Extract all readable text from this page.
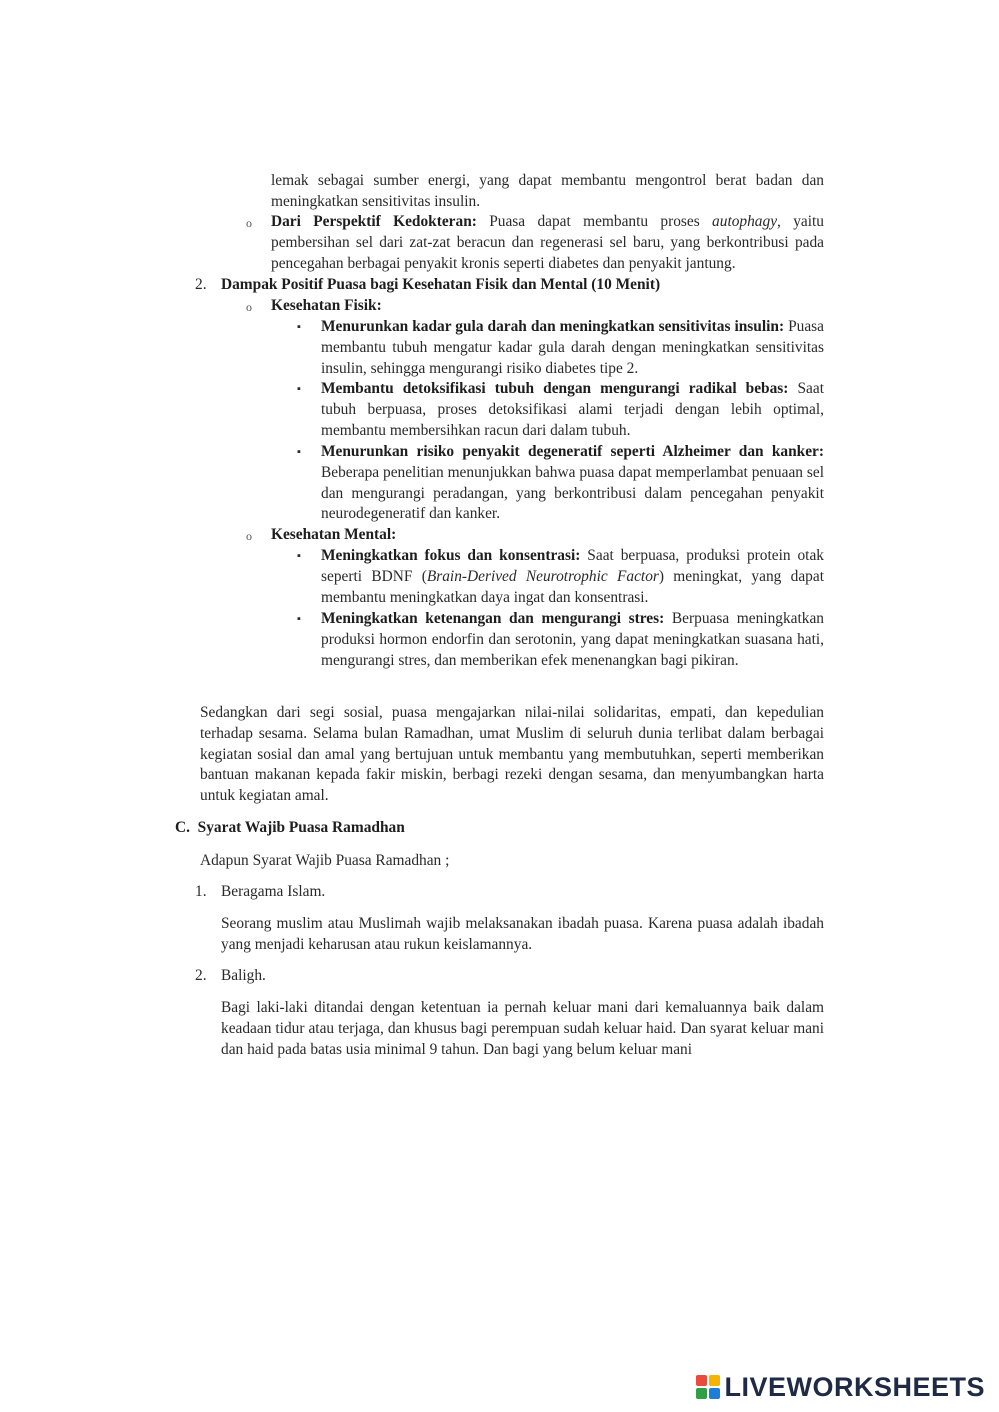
lemak sebagai sumber energi, yang dapat membantu mengontrol berat badan dan meningkatkan sensitivitas insulin.

o Dari Perspektif Kedokteran: Puasa dapat membantu proses autophagy, yaitu pembersihan sel dari zat-zat beracun dan regenerasi sel baru, yang berkontribusi pada pencegahan berbagai penyakit kronis seperti diabetes dan penyakit jantung.

2. Dampak Positif Puasa bagi Kesehatan Fisik dan Mental (10 Menit)

o Kesehatan Fisik:

▪ Menurunkan kadar gula darah dan meningkatkan sensitivitas insulin: Puasa membantu tubuh mengatur kadar gula darah dengan meningkatkan sensitivitas insulin, sehingga mengurangi risiko diabetes tipe 2.

▪ Membantu detoksifikasi tubuh dengan mengurangi radikal bebas: Saat tubuh berpuasa, proses detoksifikasi alami terjadi dengan lebih optimal, membantu membersihkan racun dari dalam tubuh.

▪ Menurunkan risiko penyakit degeneratif seperti Alzheimer dan kanker: Beberapa penelitian menunjukkan bahwa puasa dapat memperlambat penuaan sel dan mengurangi peradangan, yang berkontribusi dalam pencegahan penyakit neurodegeneratif dan kanker.

o Kesehatan Mental:

▪ Meningkatkan fokus dan konsentrasi: Saat berpuasa, produksi protein otak seperti BDNF (Brain-Derived Neurotrophic Factor) meningkat, yang dapat membantu meningkatkan daya ingat dan konsentrasi.

▪ Meningkatkan ketenangan dan mengurangi stres: Berpuasa meningkatkan produksi hormon endorfin dan serotonin, yang dapat meningkatkan suasana hati, mengurangi stres, dan memberikan efek menenangkan bagi pikiran.

Sedangkan dari segi sosial, puasa mengajarkan nilai-nilai solidaritas, empati, dan kepedulian terhadap sesama. Selama bulan Ramadhan, umat Muslim di seluruh dunia terlibat dalam berbagai kegiatan sosial dan amal yang bertujuan untuk membantu yang membutuhkan, seperti memberikan bantuan makanan kepada fakir miskin, berbagi rezeki dengan sesama, dan menyumbangkan harta untuk kegiatan amal.

C.  Syarat Wajib Puasa Ramadhan

Adapun Syarat Wajib Puasa Ramadhan ;

1. Beragama Islam.

Seorang muslim atau Muslimah wajib melaksanakan ibadah puasa. Karena puasa adalah ibadah yang menjadi keharusan atau rukun keislamannya.

2. Baligh.

Bagi laki-laki ditandai dengan ketentuan ia pernah keluar mani dari kemaluannya baik dalam keadaan tidur atau terjaga, dan khusus bagi perempuan sudah keluar haid. Dan syarat keluar mani dan haid pada batas usia minimal 9 tahun. Dan bagi yang belum keluar mani

LIVEWORKSHEETS
